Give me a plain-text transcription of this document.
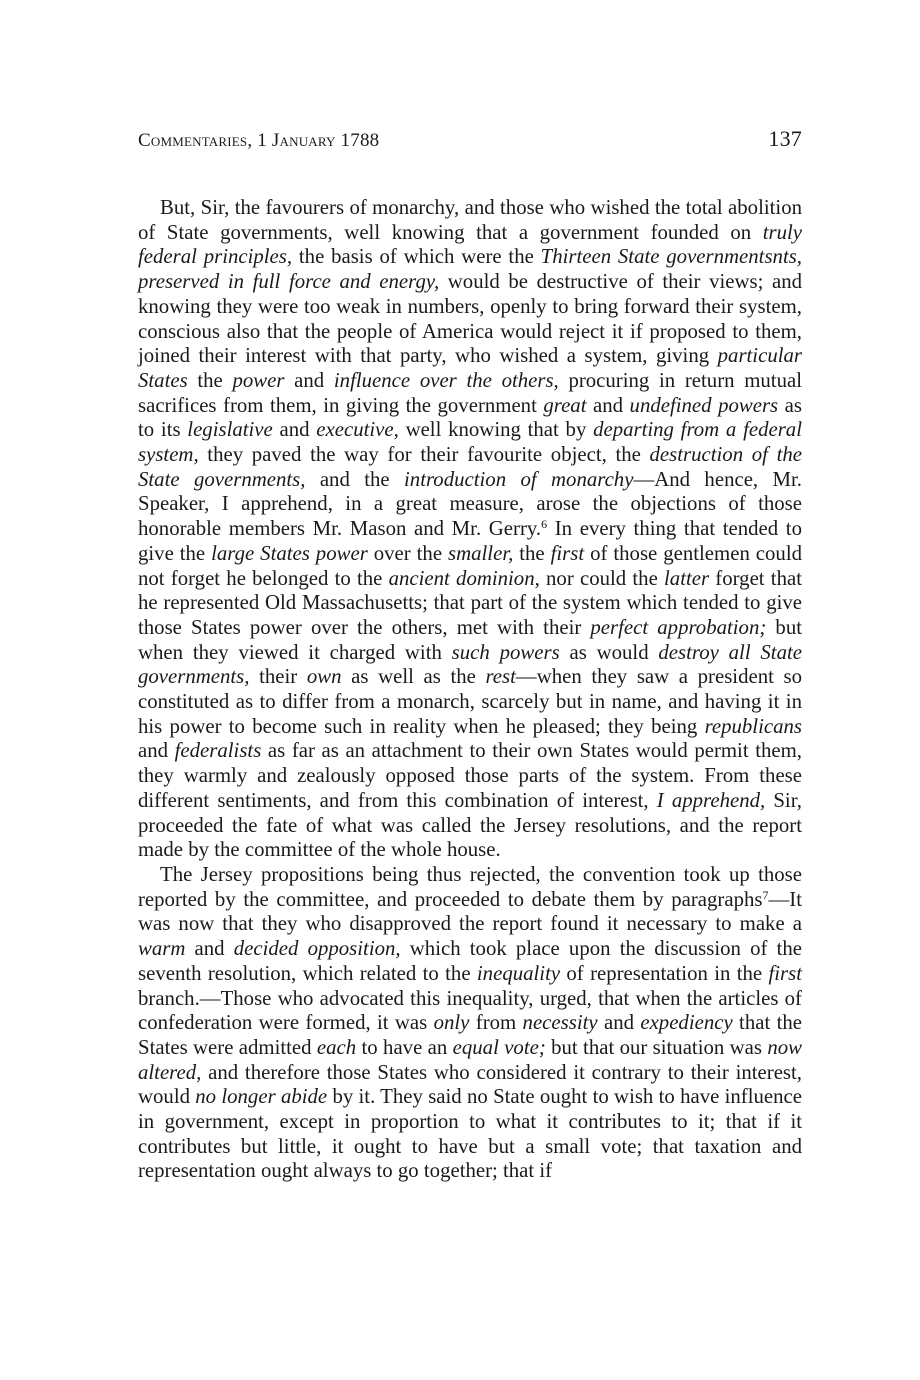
Commentaries, 1 January 1788	137

But, Sir, the favourers of monarchy, and those who wished the total abolition of State governments, well knowing that a government founded on truly federal principles, the basis of which were the Thirteen State governmentsnts, preserved in full force and energy, would be destructive of their views; and knowing they were too weak in numbers, openly to bring forward their system, conscious also that the people of America would reject it if proposed to them, joined their interest with that party, who wished a system, giving particular States the power and influence over the others, procuring in return mutual sacrifices from them, in giving the government great and undefined powers as to its legislative and executive, well knowing that by departing from a federal system, they paved the way for their favourite object, the destruction of the State governments, and the introduction of monarchy—And hence, Mr. Speaker, I apprehend, in a great measure, arose the objections of those honorable members Mr. Mason and Mr. Gerry.$^6$ In every thing that tended to give the large States power over the smaller, the first of those gentlemen could not forget he belonged to the ancient dominion, nor could the latter forget that he represented Old Massachusetts; that part of the system which tended to give those States power over the others, met with their perfect approbation; but when they viewed it charged with such powers as would destroy all State governments, their own as well as the rest—when they saw a president so constituted as to differ from a monarch, scarcely but in name, and having it in his power to become such in reality when he pleased; they being republicans and federalists as far as an attachment to their own States would permit them, they warmly and zealously opposed those parts of the system. From these different sentiments, and from this combination of interest, I apprehend, Sir, proceeded the fate of what was called the Jersey resolutions, and the report made by the committee of the whole house.

The Jersey propositions being thus rejected, the convention took up those reported by the committee, and proceeded to debate them by paragraphs$^7$—It was now that they who disapproved the report found it necessary to make a warm and decided opposition, which took place upon the discussion of the seventh resolution, which related to the inequality of representation in the first branch.—Those who advocated this inequality, urged, that when the articles of confederation were formed, it was only from necessity and expediency that the States were admitted each to have an equal vote; but that our situation was now altered, and therefore those States who considered it contrary to their interest, would no longer abide by it. They said no State ought to wish to have influence in government, except in proportion to what it contributes to it; that if it contributes but little, it ought to have but a small vote; that taxation and representation ought always to go together; that if
